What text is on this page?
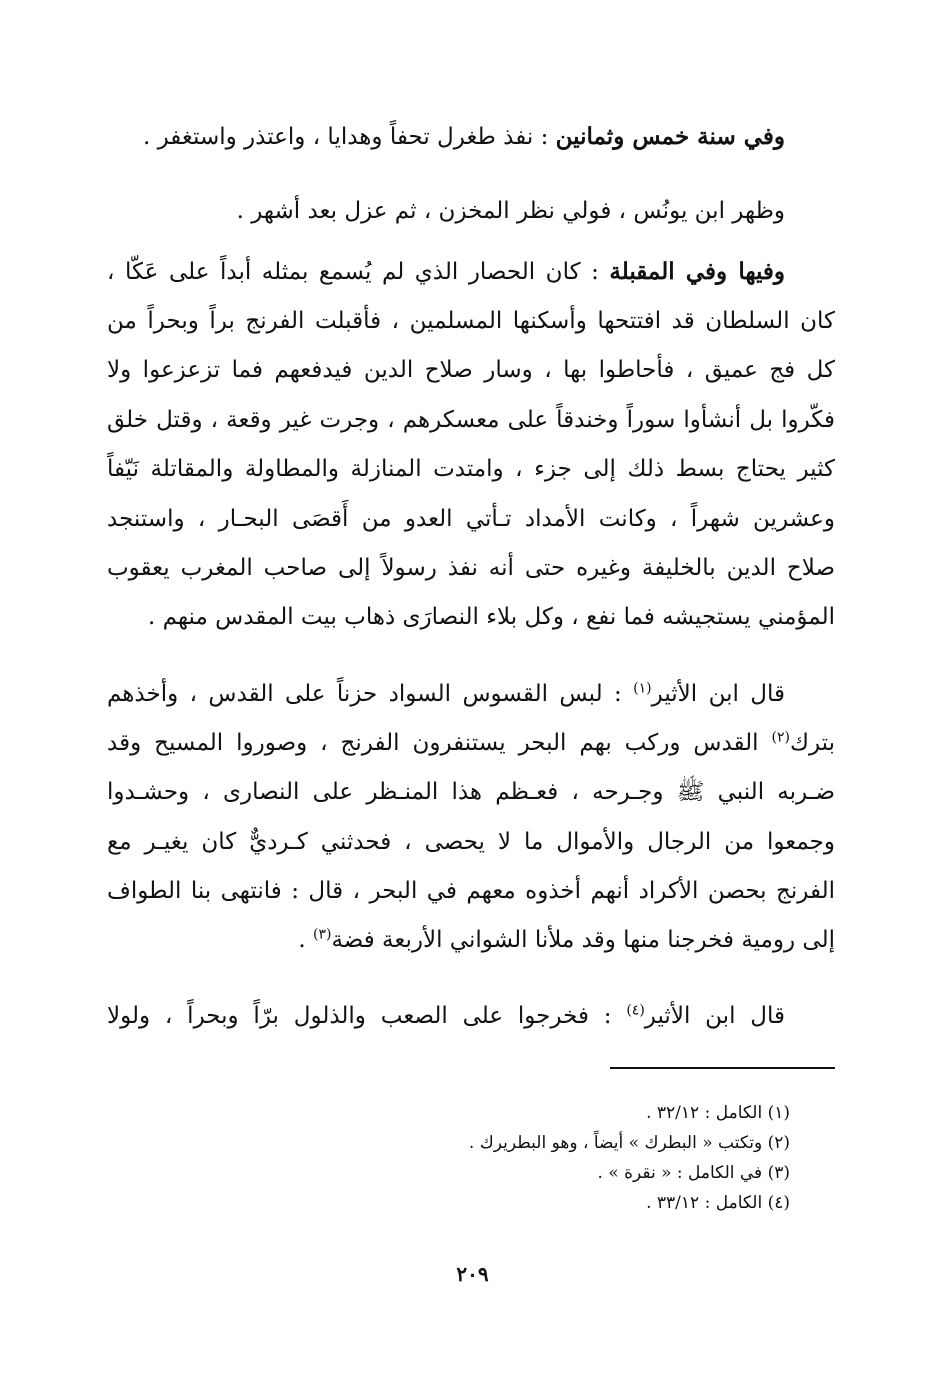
وفي سنة خمس وثمانين : نفذ طغرل تحفاً وهدايا ، واعتذر واستغفر .

وظهر ابن يونُس ، فولي نظر المخزن ، ثم عزل بعد أشهر .

وفيها وفي المقبلة : كان الحصار الذي لم يُسمع بمثله أبداً على عَكّا ،

كان السلطان قد افتتحها وأسكنها المسلمين ، فأقبلت الفرنج براً وبحراً من

كل فج عميق ، فأحاطوا بها ، وسار صلاح الدين فيدفعهم فما تزعزعوا ولا

فكّروا بل أنشأوا سوراً وخندقاً على معسكرهم ، وجرت غير وقعة ، وقتل خلق

كثير يحتاج بسط ذلك إلى جزء ، وامتدت المنازلة والمطاولة والمقاتلة نَيّفاً

وعشرين شهراً ، وكانت الأمداد تـأتي العدو من أَقصَى البحـار ، واستنجد

صلاح الدين بالخليفة وغيره حتى أنه نفذ رسولاً إلى صاحب المغرب يعقوب

المؤمني يستجيشه فما نفع ، وكل بلاء النصارَى ذهاب بيت المقدس منهم .

قال ابن الأثير$^{(١)}$ : لبس القسوس السواد حزناً على القدس ، وأخذهم

بترك$^{(٢)}$ القدس وركب بهم البحر يستنفرون الفرنج ، وصوروا المسيح وقد

ضـربه النبي ﷺ وجـرحه ، فعـظم هذا المنـظر على النصارى ، وحشـدوا

وجمعوا من الرجال والأموال ما لا يحصى ، فحدثني كـرديٌّ كان يغيـر مع

الفرنج بحصن الأكراد أنهم أخذوه معهم في البحر ، قال : فانتهى بنا الطواف

إلى رومية فخرجنا منها وقد ملأنا الشواني الأربعة فضة$^{(٣)}$ .

قال ابن الأثير$^{(٤)}$ : فخرجوا على الصعب والذلول برّاً وبحراً ، ولولا

(١) الكامل : ٣٢/١٢ .
(٢) وتكتب « البطرك » أيضاً ، وهو البطريرك .
(٣) في الكامل : « نقرة » .
(٤) الكامل : ٣٣/١٢ .
٢٠٩
